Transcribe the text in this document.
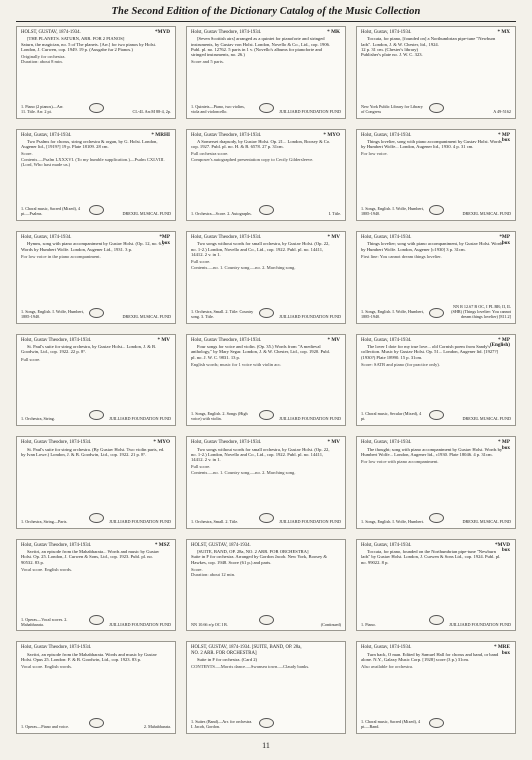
The Second Edition of the Dictionary Catalog of the Music Collection
*MYD
HOLST, GUSTAV, 1874-1934.
[THE PLANETS. SATURN, ARR. FOR 2 PIANOS]
Saturn, the magician, no. 5 of The planets. [Arr.] for two pianos by Holst. London, J. Curwen, cop. 1949. 19 p. (Ausgabe fur 2 Pianos.)
Originally for orchestra.
Duration: about 8 min.
1. Piano (2 pianos)—Arr.
11. Title. Arr. 2 pi.	CL-4L Arr.M 88-4, 2p.
* MK
Holst, Gustav Theodore, 1874-1934.
[Seven Scottish airs] arranged as a quintet for pianoforte and stringed instruments, by Gustav von Holst. London, Novello & Co., Ltd., cop. 1906. Publ. pl. no. 12762. 5 parts in 1 v. (Novello's albums for pianoforte and stringed instruments, no. 26.)
Score and 5 parts.
1. Quintets—Piano, two violins, viola and violoncello.	JUILLIARD FOUNDATION FUND
* MX
Holst, Gustav, 1874-1934.
Toccata, for piano, [founded on] a Northumbrian pipe-tune "Newburn lads". London, J. & W. Chester, ltd., 1924.
12 p. 31 cm. (Chester's library)
Publisher's plate no. J. W. C. 323.
New York Public Library for Library of Congress	A 49-5162
* MRHI
Holst, Gustav, 1874-1934.
Two Psalms for chorus, string orchestra & organ, by G. Holst. London, Augener ltd., [1919?] 19 p. Plate 18109. 28 cm.
Score.
Contents.—Psalm LXXXVI. (To my humble supplication.)—Psalm CXLVIII. (Lord, Who hast made us.)
1. Choral music, Sacred (Mixed), 4 pt.—Psalms.	DREXEL MUSICAL FUND
* MYO
Holst, Gustav Theodore, 1874-1934.
A Somerset rhapsody, by Gustav Holst. Op. 21... London, Boosey & Co. cop. 1927. Publ. pl. no. H. & B. 6578. 27 p. 31cm.
Full orchestra score.
Composer's autographed presentation copy to Cecily Gildersleeve.
1. Orchestra—Score. 2. Autographs.	I. Title.
* MP
box
Holst, Gustav, 1874-1934.
Things lovelier, song with piano accompaniment by Gustav Holst. Words by Humbert Wolfe... London, Augener ltd., 1930. 4 p. 31 cm.
For low voice.
1. Songs, English. I. Wolfe, Humbert, 1885-1940.	DREXEL MUSICAL FUND
*MP
box
Holst, Gustav, 1874-1934.
Hymns, song with piano accompaniment by Gustav Holst. (Op. 12, no. 6.) Words by Humbert Wolfe. London, Augener Ltd., 1931. 3 p.
For low voice in the piano accompaniment.
1. Songs, English. I. Wolfe, Humbert, 1885-1940.	DREXEL MUSICAL FUND
* MV
Holst, Gustav Theodore, 1874-1934.
Two songs without words for small orchestra, by Gustav Holst. (Op. 22, no. 1-2.) London, Novello and Co., Ltd., cop. 1922. Publ. pl. no. 14411, 14412. 2 v. in 1.
Full score.
Contents.—no. 1. Country song.—no. 2. Marching song.
1. Orchestra, Small. 2. Title: Country song. 3. Title.	JUILLIARD FOUNDATION FUND
*MP
box
Holst, Gustav, 1874-1934.
Things lovelier; song with piano accompaniment, by Gustav Holst. Words by Humbert Wolfe. London, Augener [c1930] 3 p. 31cm.
First line: You cannot dream things lovelier.
1. Songs, English. I. Wolfe, Humbert, 1885-1940.
NN R 12.67 B OC, I PL BR; II, IL (SHR) (Things lovelier: You cannot dream things lovelier) [811.2]
* MV
Holst, Gustav Theodore, 1874-1934.
St. Paul's suite for string orchestra, by Gustav Holst... London, J. & B. Goodwin, Ltd., cop. 1922. 22 p. 8°.
Full score.
1. Orchestra, String.	JUILLIARD FOUNDATION FUND
* MV
Holst, Gustav Theodore, 1874-1934.
Four songs for voice and violin. (Op. 35.) Words from "A medieval anthology," by Mary Segar. London, J. & W. Chester, Ltd., cop. 1920. Publ. pl. no. J. W. C. 9831. 13 p.
English words; music for 1 voice with violin acc.
1. Songs, English. 2. Songs (High voice) with violin.	JUILLIARD FOUNDATION FUND
* MP
(English)
Holst, Gustav, 1874-1934.
The lover I dote for my true love... old Cornish poem from Sandy's collection. Music by Gustav Holst. Op. 51... London, Augener ltd. [1927?] (1930?) Plate 18990. 15 p. 31cm.
Score: SATB and piano (for practice only).
1. Choral music, Secular (Mixed), 4 pt.	DREXEL MUSICAL FUND
* MYO
Holst, Gustav Theodore, 1874-1934.
St. Paul's suite for string orchestra. (By Gustav Holst. Two violin parts, ed. by Ivan Lowe.) London, J. & B. Goodwin, Ltd., cop. 1922. 21 p. 8°.
1. Orchestra, String—Parts.	JUILLIARD FOUNDATION FUND
* MV
Holst, Gustav Theodore, 1874-1934.
Two songs without words for small orchestra, by Gustav Holst. (Op. 22, no. 1-2.) London, Novello and Co., Ltd., cop. 1922. Publ. pl. no. 14411, 14412. 2 v. in 1.
Full score.
Contents.—no. 1. Country song.—no. 2. Marching song.
1. Orchestra, Small. 2. Title.	JUILLIARD FOUNDATION FUND
* MP
box
Holst, Gustav, 1874-1934.
The thought; song with piano accompaniment by Gustav Holst. Words by Humbert Wolfe... London, Augener ltd., c1930. Plate 18046. 4 p. 31cm.
For low voice with piano accompaniment.
1. Songs, English. I. Wolfe, Humbert.	DREXEL MUSICAL FUND
* MSZ
Holst, Gustav Theodore, 1874-1934.
Savitri, an episode from the Mahabharata... Words and music by Gustav Holst. Op. 25. London, J. Curwen & Sons, Ltd., cop. 1923. Publ. pl. no. 90532. 83 p.
Vocal score. English words.
1. Operas—Vocal scores. 2. Mahabharata.	JUILLIARD FOUNDATION FUND
HOLST, GUSTAV, 1874-1934.
[SUITE, BAND, OP. 28a, NO. 2 ARR. FOR ORCHESTRA]
Suite in F for orchestra. Arranged by Gordon Jacob. New York, Boosey & Hawkes, cop. 1948. Score (61 p.) and parts.
Score.
Duration: about 12 min.
NN 10.66 e/p OC I B.	(Continued)
*MVD
box
Holst, Gustav, 1874-1934.
Toccata, for piano, founded on the Northumbrian pipe-tune "Newburn lads" by Gustav Holst. London, J. Curwen & Sons Ltd., cop. 1924. Publ. pl. no. 99022. 8 p.
1. Piano.	JUILLIARD FOUNDATION FUND
Holst, Gustav Theodore, 1874-1934.
Savitri, an episode from the Mahabharata. Words and music by Gustav Holst. Opus 25. London: F. & B. Goodwin, Ltd., cop. 1923. 83 p.
Vocal score. English words.
1. Operas—Piano and voice.	2. Mahabharata.
HOLST, GUSTAV, 1874-1934. [SUITE, BAND, OP. 28a, NO. 2 ARR. FOR ORCHESTRA]
Suite in F for orchestra. (Card 2)
CONTENTS.—Morris dance.—Swansea town.—Claudy banks.
1. Suites (Band)—Arr. for orchestra. I. Jacob, Gordon.
* MRE
box
Holst, Gustav, 1874-1934.
Turn back, O man. Edited by Samuel Hall for chorus and band, or band alone. N.Y., Galaxy Music Corp. [1928] score (3 p.) 31cm.
Also available for orchestra.
1. Choral music, Sacred (Mixed), 4 pt.—Band.
11
